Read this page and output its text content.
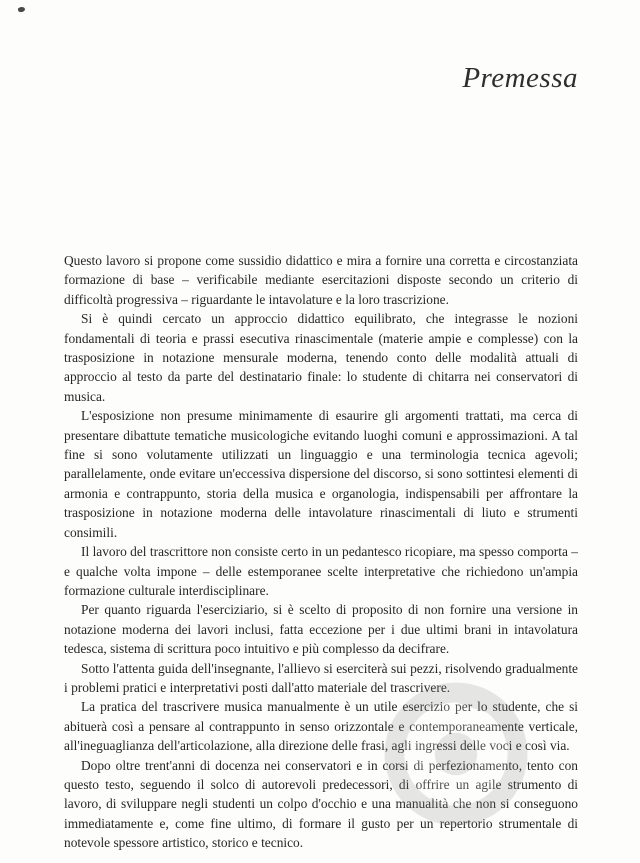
Premessa

Questo lavoro si propone come sussidio didattico e mira a fornire una corretta e circostanziata formazione di base – verificabile mediante esercitazioni disposte secondo un criterio di difficoltà progressiva – riguardante le intavolature e la loro trascrizione.

Si è quindi cercato un approccio didattico equilibrato, che integrasse le nozioni fondamentali di teoria e prassi esecutiva rinascimentale (materie ampie e complesse) con la trasposizione in notazione mensurale moderna, tenendo conto delle modalità attuali di approccio al testo da parte del destinatario finale: lo studente di chitarra nei conservatori di musica.

L'esposizione non presume minimamente di esaurire gli argomenti trattati, ma cerca di presentare dibattute tematiche musicologiche evitando luoghi comuni e approssimazioni. A tal fine si sono volutamente utilizzati un linguaggio e una terminologia tecnica agevoli; parallelamente, onde evitare un'eccessiva dispersione del discorso, si sono sottintesi elementi di armonia e contrappunto, storia della musica e organologia, indispensabili per affrontare la trasposizione in notazione moderna delle intavolature rinascimentali di liuto e strumenti consimili.

Il lavoro del trascrittore non consiste certo in un pedantesco ricopiare, ma spesso comporta – e qualche volta impone – delle estemporanee scelte interpretative che richiedono un'ampia formazione culturale interdisciplinare.

Per quanto riguarda l'eserciziario, si è scelto di proposito di non fornire una versione in notazione moderna dei lavori inclusi, fatta eccezione per i due ultimi brani in intavolatura tedesca, sistema di scrittura poco intuitivo e più complesso da decifrare.

Sotto l'attenta guida dell'insegnante, l'allievo si eserciterà sui pezzi, risolvendo gradualmente i problemi pratici e interpretativi posti dall'atto materiale del trascrivere.

La pratica del trascrivere musica manualmente è un utile esercizio per lo studente, che si abituerà così a pensare al contrappunto in senso orizzontale e contemporaneamente verticale, all'ineguaglianza dell'articolazione, alla direzione delle frasi, agli ingressi delle voci e così via.

Dopo oltre trent'anni di docenza nei conservatori e in corsi di perfezionamento, tento con questo testo, seguendo il solco di autorevoli predecessori, di offrire un agile strumento di lavoro, di sviluppare negli studenti un colpo d'occhio e una manualità che non si conseguono immediatamente e, come fine ultimo, di formare il gusto per un repertorio strumentale di notevole spessore artistico, storico e tecnico.
